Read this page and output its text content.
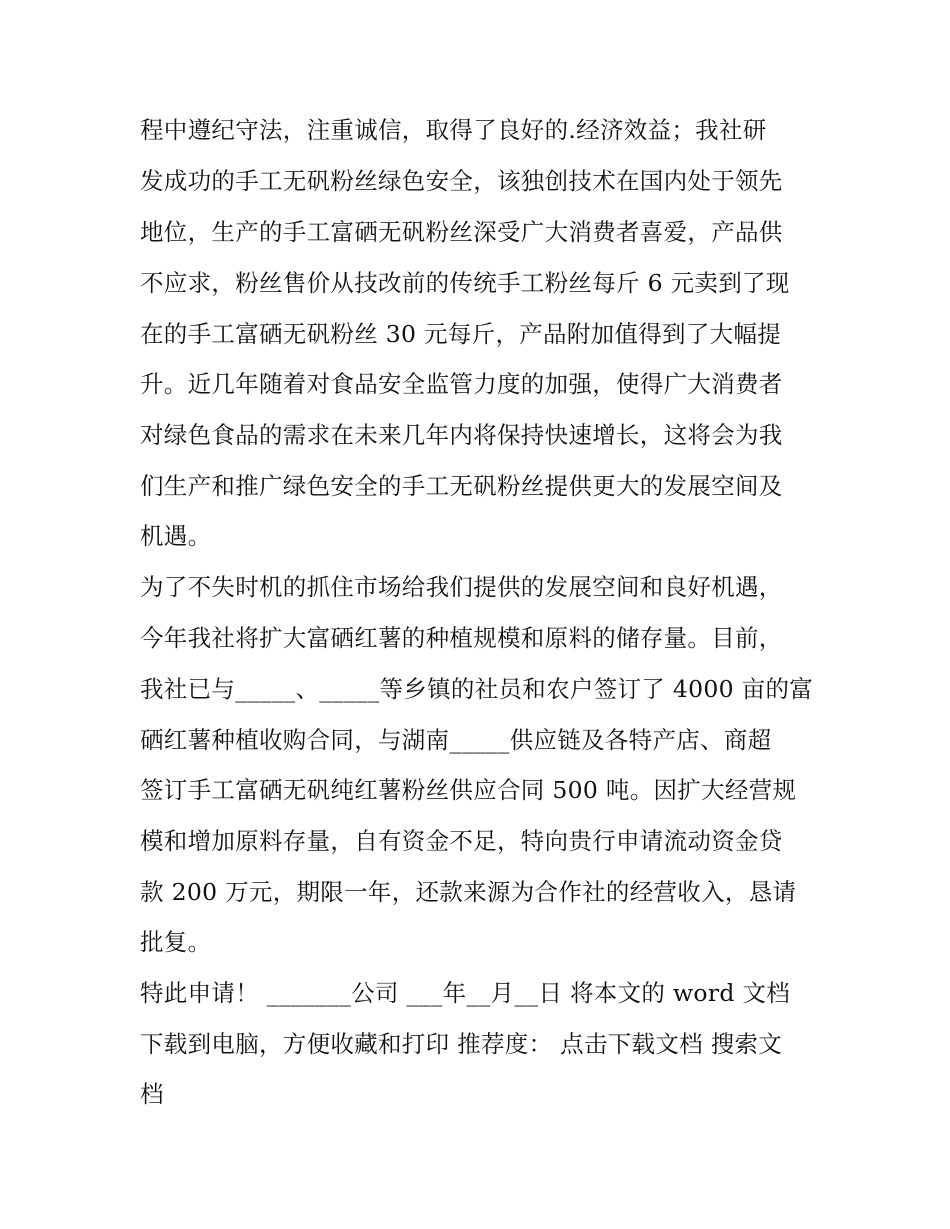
程中遵纪守法，注重诚信，取得了良好的.经济效益；我社研
发成功的手工无矾粉丝绿色安全，该独创技术在国内处于领先
地位，生产的手工富硒无矾粉丝深受广大消费者喜爱，产品供
不应求，粉丝售价从技改前的传统手工粉丝每斤 6 元卖到了现
在的手工富硒无矾粉丝 30 元每斤，产品附加值得到了大幅提
升。近几年随着对食品安全监管力度的加强，使得广大消费者
对绿色食品的需求在未来几年内将保持快速增长，这将会为我
们生产和推广绿色安全的手工无矾粉丝提供更大的发展空间及
机遇。
为了不失时机的抓住市场给我们提供的发展空间和良好机遇，
今年我社将扩大富硒红薯的种植规模和原料的储存量。目前，
我社已与_____、_____等乡镇的社员和农户签订了 4000 亩的富
硒红薯种植收购合同，与湖南_____供应链及各特产店、商超
签订手工富硒无矾纯红薯粉丝供应合同 500 吨。因扩大经营规
模和增加原料存量，自有资金不足，特向贵行申请流动资金贷
款 200 万元，期限一年，还款来源为合作社的经营收入，恳请
批复。
特此申请！ _______公司 ___年__月__日 将本文的 word 文档
下载到电脑，方便收藏和打印 推荐度： 点击下载文档 搜索文
档
